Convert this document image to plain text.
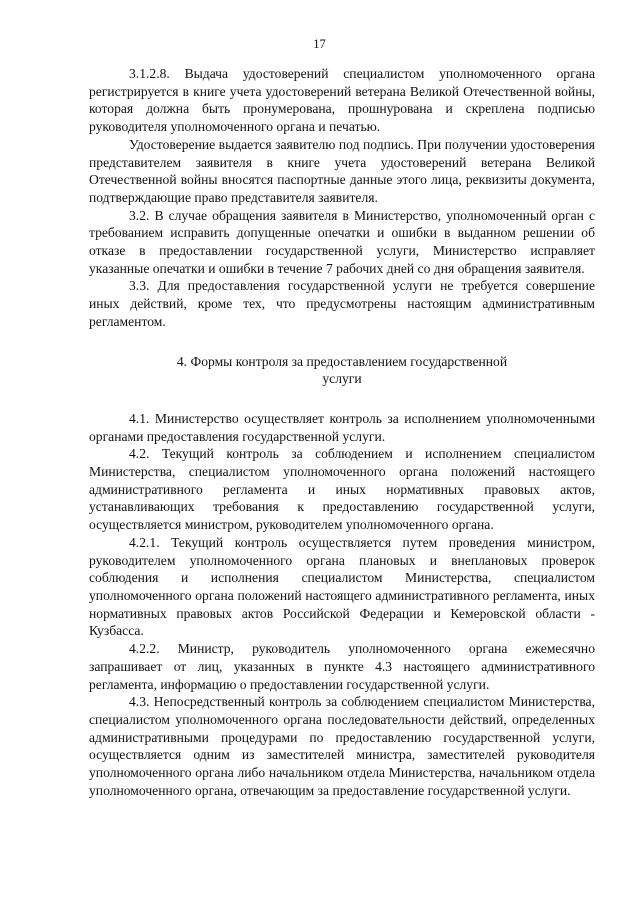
17

3.1.2.8. Выдача удостоверений специалистом уполномоченного органа регистрируется в книге учета удостоверений ветерана Великой Отечественной войны, которая должна быть пронумерована, прошнурована и скреплена подписью руководителя уполномоченного органа и печатью.

Удостоверение выдается заявителю под подпись. При получении удостоверения представителем заявителя в книге учета удостоверений ветерана Великой Отечественной войны вносятся паспортные данные этого лица, реквизиты документа, подтверждающие право представителя заявителя.

3.2. В случае обращения заявителя в Министерство, уполномоченный орган с требованием исправить допущенные опечатки и ошибки в выданном решении об отказе в предоставлении государственной услуги, Министерство исправляет указанные опечатки и ошибки в течение 7 рабочих дней со дня обращения заявителя.

3.3. Для предоставления государственной услуги не требуется совершение иных действий, кроме тех, что предусмотрены настоящим административным регламентом.

4. Формы контроля за предоставлением государственной
услуги

4.1. Министерство осуществляет контроль за исполнением уполномоченными органами предоставления государственной услуги.

4.2. Текущий контроль за соблюдением и исполнением специалистом Министерства, специалистом уполномоченного органа положений настоящего административного регламента и иных нормативных правовых актов, устанавливающих требования к предоставлению государственной услуги, осуществляется министром, руководителем уполномоченного органа.

4.2.1. Текущий контроль осуществляется путем проведения министром, руководителем уполномоченного органа плановых и внеплановых проверок соблюдения и исполнения специалистом Министерства, специалистом уполномоченного органа положений настоящего административного регламента, иных нормативных правовых актов Российской Федерации и Кемеровской области - Кузбасса.

4.2.2. Министр, руководитель уполномоченного органа ежемесячно запрашивает от лиц, указанных в пункте 4.3 настоящего административного регламента, информацию о предоставлении государственной услуги.

4.3. Непосредственный контроль за соблюдением специалистом Министерства, специалистом уполномоченного органа последовательности действий, определенных административными процедурами по предоставлению государственной услуги, осуществляется одним из заместителей министра, заместителей руководителя уполномоченного органа либо начальником отдела Министерства, начальником отдела уполномоченного органа, отвечающим за предоставление государственной услуги.
